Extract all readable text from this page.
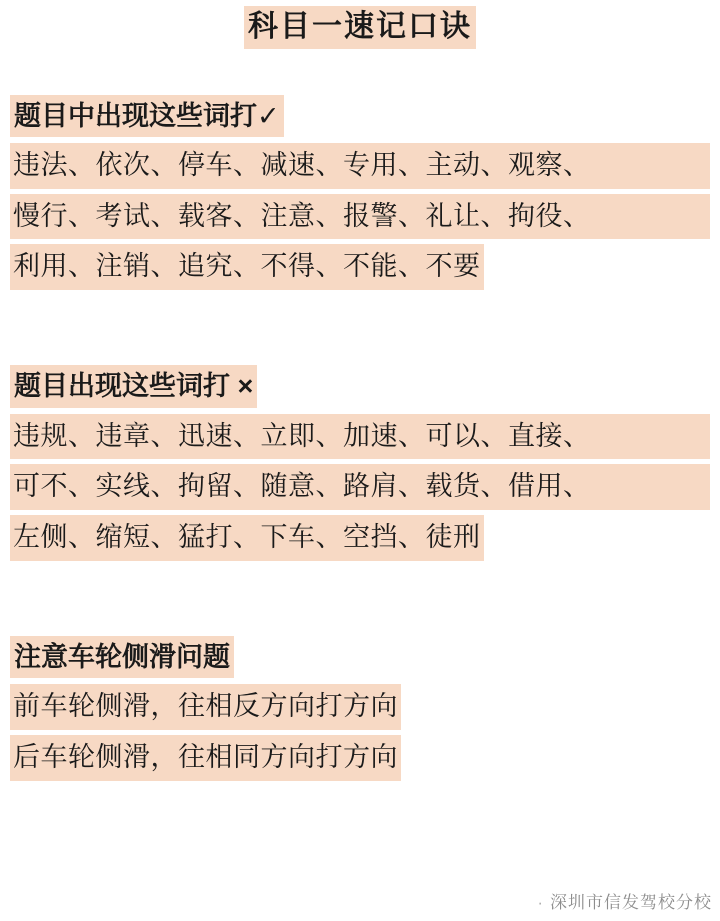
科目一速记口诀
题目中出现这些词打✓
违法、依次、停车、减速、专用、主动、观察、
慢行、考试、载客、注意、报警、礼让、拘役、
利用、注销、追究、不得、不能、不要
题目出现这些词打 ×
违规、违章、迅速、立即、加速、可以、直接、
可不、实线、拘留、随意、路肩、载货、借用、
左侧、缩短、猛打、下车、空挡、徒刑
注意车轮侧滑问题
前车轮侧滑，往相反方向打方向 后车轮侧滑，往相同方向打方向
· 深圳市信发驾校分校
